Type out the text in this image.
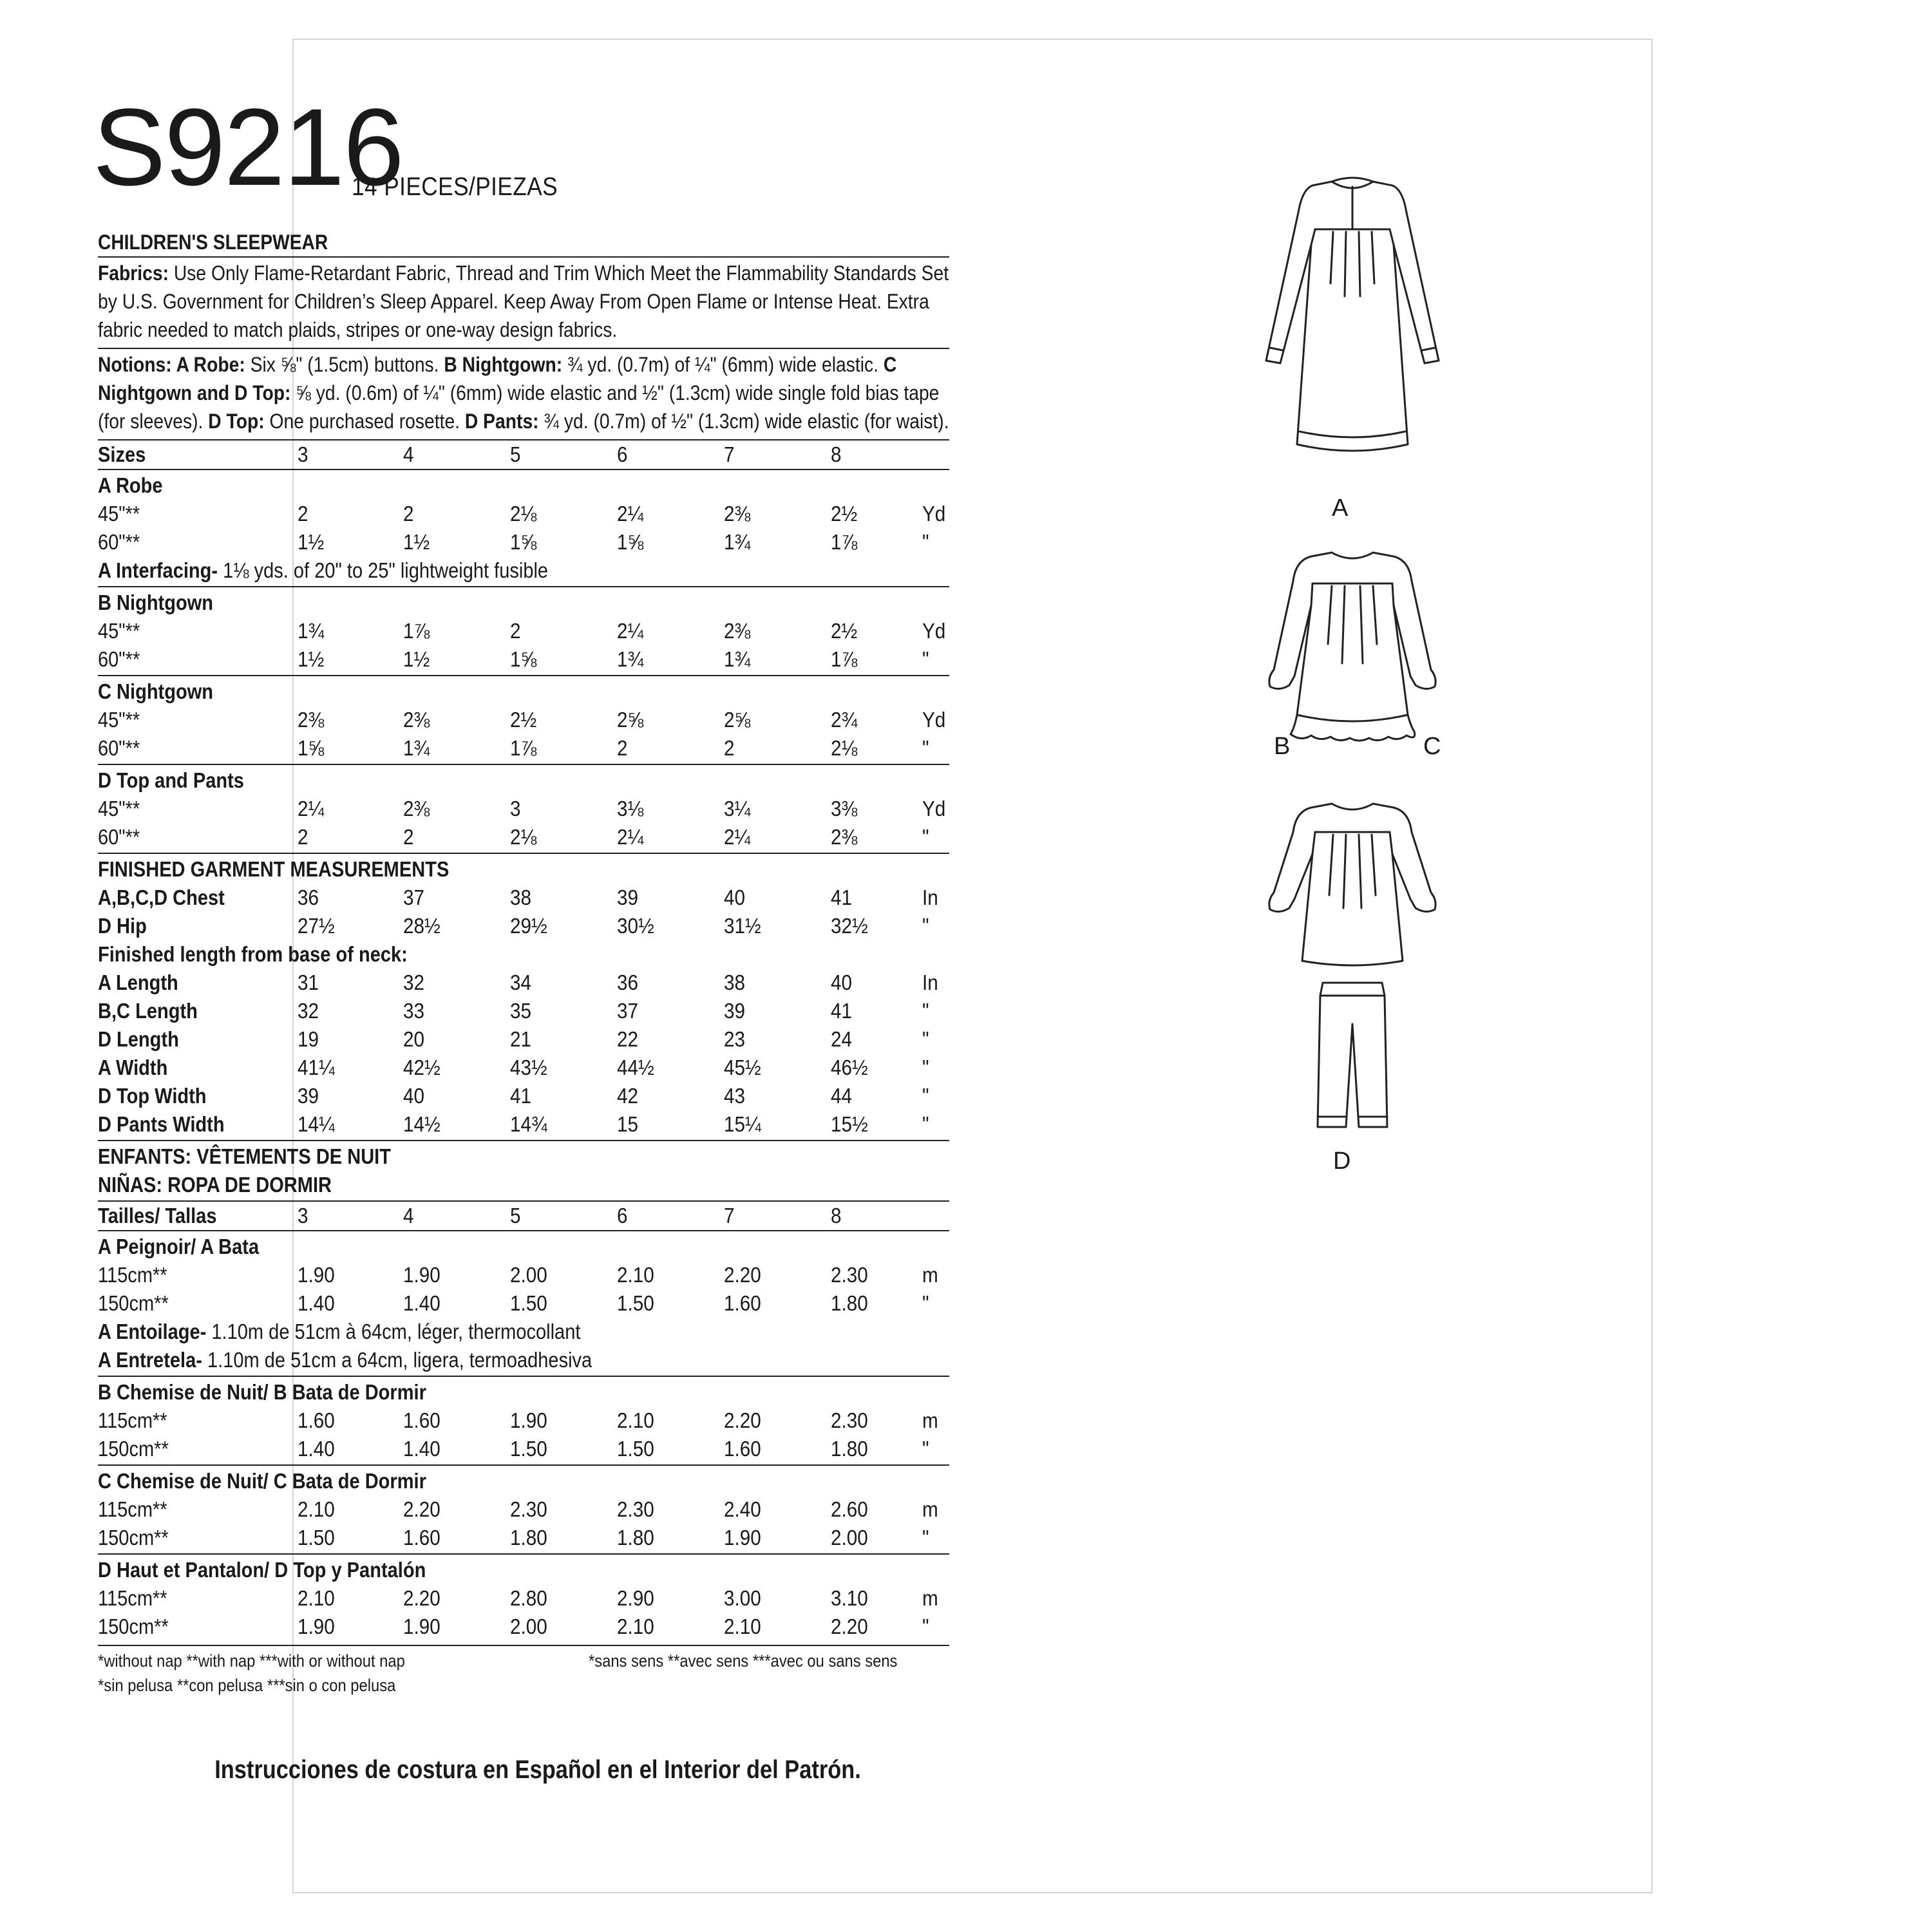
S9216
14 PIECES/PIEZAS
CHILDREN'S SLEEPWEAR
Fabrics: Use Only Flame-Retardant Fabric, Thread and Trim Which Meet the Flammability Standards Set by U.S. Government for Children’s Sleep Apparel. Keep Away From Open Flame or Intense Heat. Extra fabric needed to match plaids, stripes or one-way design fabrics.
Notions: A Robe: Six ⅝" (1.5cm) buttons. B Nightgown: ¾ yd. (0.7m) of ¼" (6mm) wide elastic. C Nightgown and D Top: ⅝ yd. (0.6m) of ¼" (6mm) wide elastic and ½" (1.3cm) wide single fold bias tape (for sleeves). D Top: One purchased rosette. D Pants: ¾ yd. (0.7m) of ½" (1.3cm) wide elastic (for waist).
Sizes	3	4	5	6	7	8
A Robe
45"**	2	2	2⅛	2¼	2⅜	2½	Yd
60"**	1½	1½	1⅝	1⅝	1¾	1⅞	"
A Interfacing- 1⅛ yds. of 20" to 25" lightweight fusible
B Nightgown
45"**	1¾	1⅞	2	2¼	2⅜	2½	Yd
60"**	1½	1½	1⅝	1¾	1¾	1⅞	"
C Nightgown
45"**	2⅜	2⅜	2½	2⅝	2⅝	2¾	Yd
60"**	1⅝	1¾	1⅞	2	2	2⅛	"
D Top and Pants
45"**	2¼	2⅜	3	3⅛	3¼	3⅜	Yd
60"**	2	2	2⅛	2¼	2¼	2⅜	"
FINISHED GARMENT MEASUREMENTS
A,B,C,D Chest	36	37	38	39	40	41	In
D Hip	27½	28½	29½	30½	31½	32½	"
Finished length from base of neck:
A Length	31	32	34	36	38	40	In
B,C Length	32	33	35	37	39	41	"
D Length	19	20	21	22	23	24	"
A Width	41¼	42½	43½	44½	45½	46½	"
D Top Width	39	40	41	42	43	44	"
D Pants Width	14¼	14½	14¾	15	15¼	15½	"
ENFANTS: VÊTEMENTS DE NUIT
NIÑAS: ROPA DE DORMIR
Tailles/ Tallas	3	4	5	6	7	8
A Peignoir/ A Bata
115cm**	1.90	1.90	2.00	2.10	2.20	2.30	m
150cm**	1.40	1.40	1.50	1.50	1.60	1.80	"
A Entoilage- 1.10m de 51cm à 64cm, léger, thermocollant
A Entretela- 1.10m de 51cm a 64cm, ligera, termoadhesiva
B Chemise de Nuit/ B Bata de Dormir
115cm**	1.60	1.60	1.90	2.10	2.20	2.30	m
150cm**	1.40	1.40	1.50	1.50	1.60	1.80	"
C Chemise de Nuit/ C Bata de Dormir
115cm**	2.10	2.20	2.30	2.30	2.40	2.60	m
150cm**	1.50	1.60	1.80	1.80	1.90	2.00	"
D Haut et Pantalon/ D Top y Pantalón
115cm**	2.10	2.20	2.80	2.90	3.00	3.10	m
150cm**	1.90	1.90	2.00	2.10	2.10	2.20	"
*without nap **with nap ***with or without nap	*sans sens **avec sens ***avec ou sans sens
*sin pelusa **con pelusa ***sin o con pelusa
Instrucciones de costura en Español en el Interior del Patrón.
A
B	C
D
